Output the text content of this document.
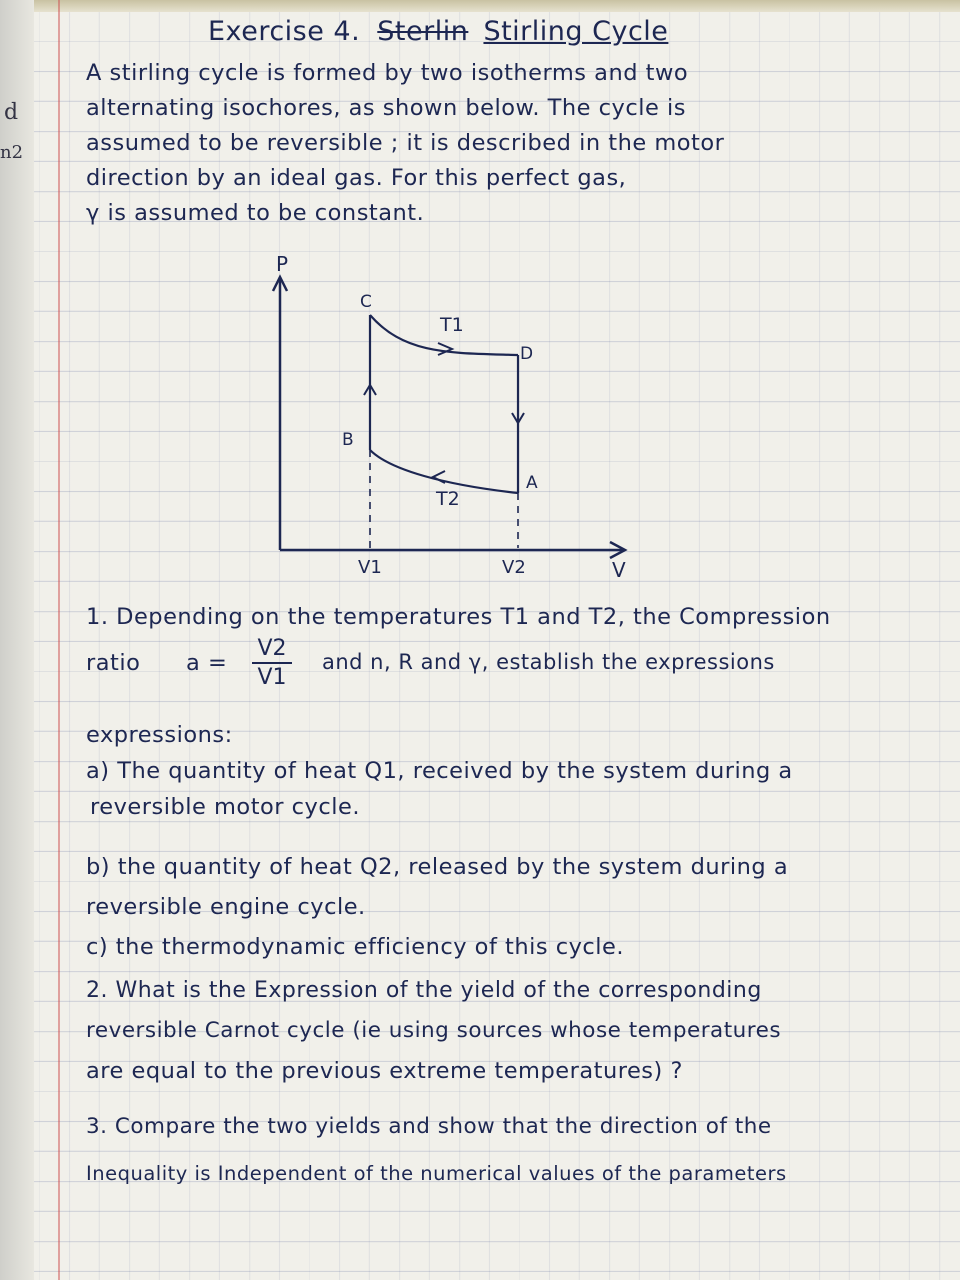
d
n2
Exercise 4. Sterlin Stirling Cycle
A stirling cycle is formed by two isotherms and two
alternating isochores, as shown below. The cycle is
assumed to be reversible ; it is described in the motor
direction by an ideal gas. For this perfect gas,
γ is assumed to be constant.
P
V
C
D
B
A
T1
T2
V1	V2
1. Depending on the temperatures T1 and T2, the Compression
ratio a =
V2
V1
and n, R and γ, establish the expressions
expressions:
a) The quantity of heat Q1, received by the system during a
reversible motor cycle.
b) the quantity of heat Q2, released by the system during a
reversible engine cycle.
c) the thermodynamic efficiency of this cycle.
2. What is the Expression of the yield of the corresponding
reversible Carnot cycle (ie using sources whose temperatures
are equal to the previous extreme temperatures) ?
3. Compare the two yields and show that the direction of the
Inequality is Independent of the numerical values of the parameters
